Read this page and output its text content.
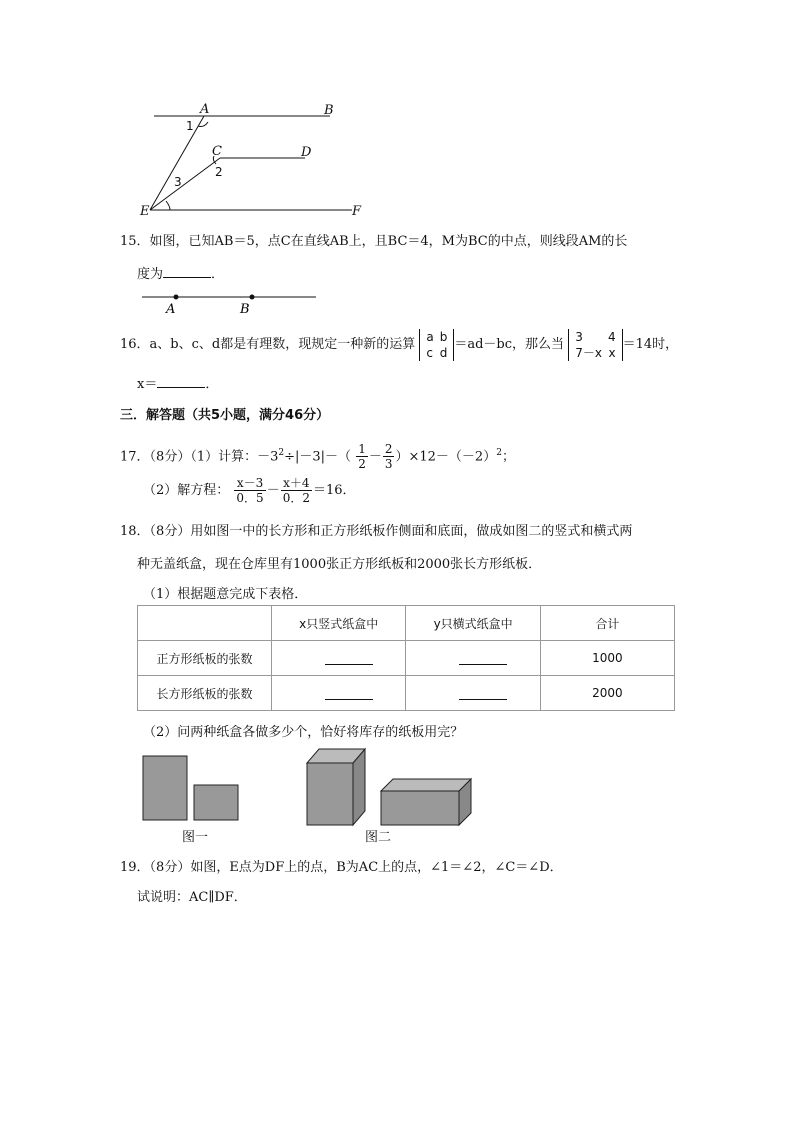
A	B
C	D
E	F
1
2
3
15．如图，已知AB＝5，点C在直线AB上，且BC＝4，M为BC的中点，则线段AM的长
度为	．
A	B
16．a、b、c、d都是有理数，现规定一种新的运算
a	b
c	d
＝ad－bc，那么当
3	4
7－x	x
＝14时，
x＝	．
三．解答题（共5小题，满分46分）
17．（8分）（1）计算：$-3^2\div|-3|-( \frac{1}{2} - \frac{2}{3} )\times 12-(-2)^2$；
（2）解方程： $\frac{x-3}{0.5} - \frac{x+4}{0.2} =16$．
18．（8分）用如图一中的长方形和正方形纸板作侧面和底面，做成如图二的竖式和横式两
种无盖纸盒，现在仓库里有1000张正方形纸板和2000张长方形纸板．
（1）根据题意完成下表格．
	x只竖式纸盒中	y只横式纸盒中	合计
正方形纸板的张数			1000
长方形纸板的张数			2000
（2）问两种纸盒各做多少个，恰好将库存的纸板用完？
图一	图二
19．（8分）如图，E点为DF上的点，B为AC上的点，∠1＝∠2，∠C＝∠D．
试说明：AC∥DF．
